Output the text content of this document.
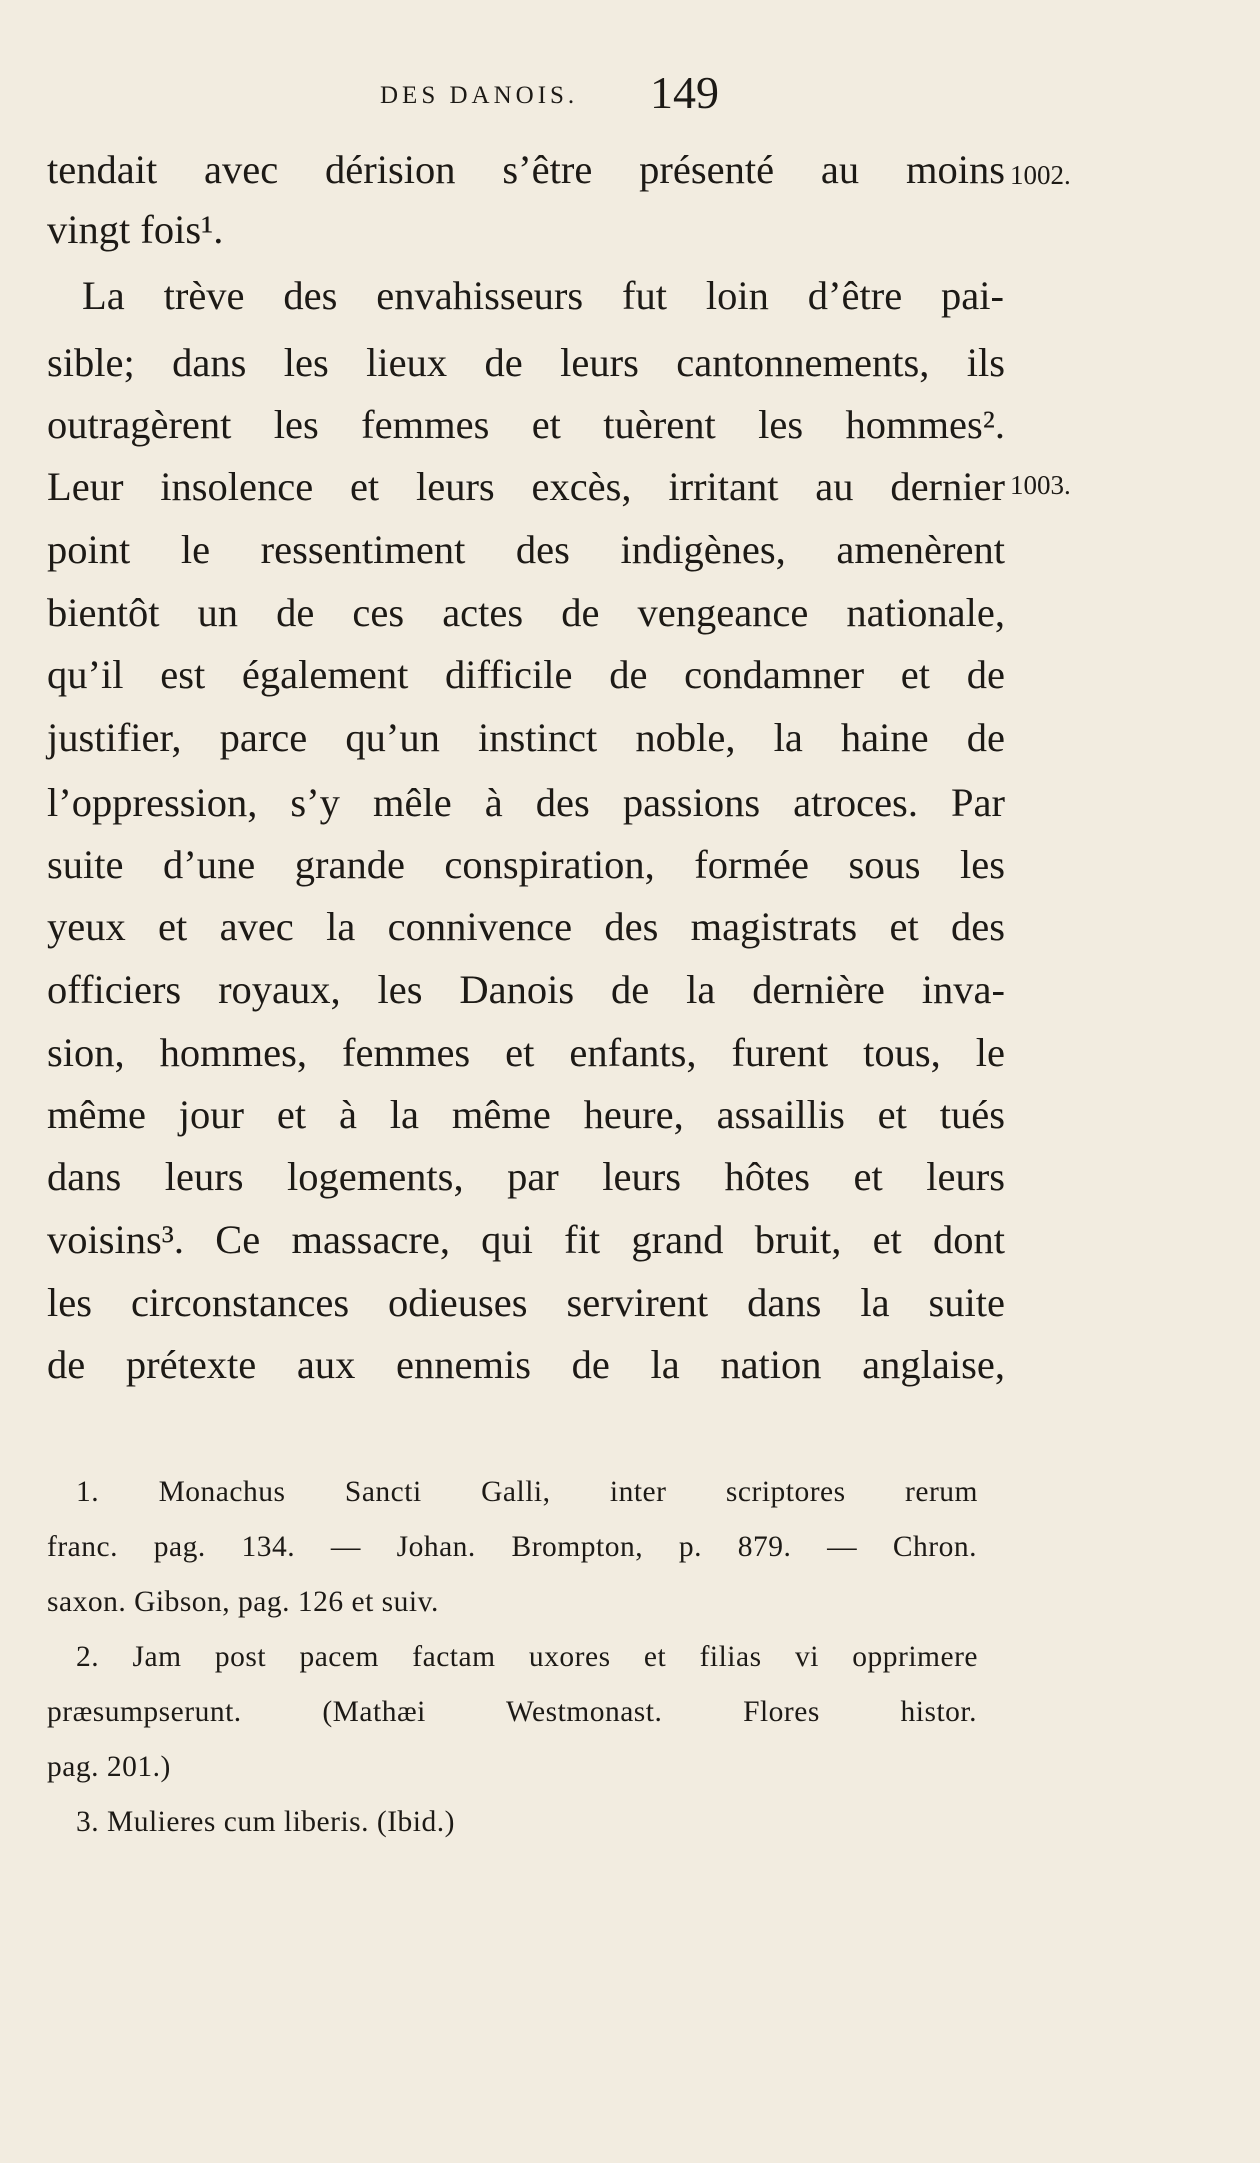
DES DANOIS. 149
1002.
1003.
tendait avec dérision s’être présenté au moins
vingt fois¹.
La trève des envahisseurs fut loin d’être pai-
sible; dans les lieux de leurs cantonnements, ils
outragèrent les femmes et tuèrent les hommes².
Leur insolence et leurs excès, irritant au dernier
point le ressentiment des indigènes, amenèrent
bientôt un de ces actes de vengeance nationale,
qu’il est également difficile de condamner et de
justifier, parce qu’un instinct noble, la haine de
l’oppression, s’y mêle à des passions atroces. Par
suite d’une grande conspiration, formée sous les
yeux et avec la connivence des magistrats et des
officiers royaux, les Danois de la dernière inva-
sion, hommes, femmes et enfants, furent tous, le
même jour et à la même heure, assaillis et tués
dans leurs logements, par leurs hôtes et leurs
voisins³. Ce massacre, qui fit grand bruit, et dont
les circonstances odieuses servirent dans la suite
de prétexte aux ennemis de la nation anglaise,
1. Monachus Sancti Galli, inter scriptores rerum
franc. pag. 134. — Johan. Brompton, p. 879. — Chron.
saxon. Gibson, pag. 126 et suiv.
2. Jam post pacem factam uxores et filias vi opprimere
præsumpserunt. (Mathæi Westmonast. Flores histor.
pag. 201.)
3. Mulieres cum liberis. (Ibid.)
